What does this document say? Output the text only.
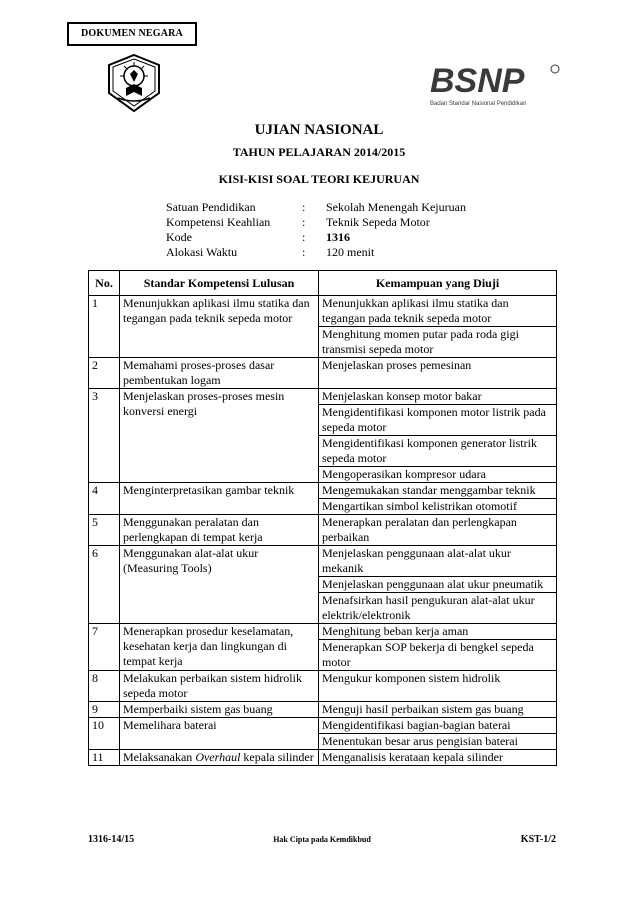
DOKUMEN NEGARA
BSNP
Badan Standar Nasional Pendidikan
UJIAN NASIONAL
TAHUN PELAJARAN 2014/2015
KISI-KISI SOAL TEORI KEJURUAN
Satuan Pendidikan	:	Sekolah Menengah Kejuruan
Kompetensi Keahlian	:	Teknik Sepeda Motor
Kode	:	1316
Alokasi Waktu	:	120 menit
No.	Standar Kompetensi Lulusan	Kemampuan yang Diuji
1	Menunjukkan aplikasi ilmu statika dan tegangan pada teknik sepeda motor	Menunjukkan aplikasi ilmu statika dan tegangan pada teknik sepeda motor
		Menghitung momen putar pada roda gigi transmisi sepeda motor
2	Memahami proses-proses dasar pembentukan logam	Menjelaskan proses pemesinan
3	Menjelaskan proses-proses mesin konversi energi	Menjelaskan konsep motor bakar
		Mengidentifikasi komponen motor listrik pada sepeda motor
		Mengidentifikasi komponen generator listrik sepeda motor
		Mengoperasikan kompresor udara
4	Menginterpretasikan gambar teknik	Mengemukakan standar menggambar teknik
		Mengartikan simbol kelistrikan otomotif
5	Menggunakan peralatan dan perlengkapan di tempat kerja	Menerapkan peralatan dan perlengkapan perbaikan
6	Menggunakan alat-alat ukur (Measuring Tools)	Menjelaskan penggunaan alat-alat ukur mekanik
		Menjelaskan penggunaan alat ukur pneumatik
		Menafsirkan hasil pengukuran alat-alat ukur elektrik/elektronik
7	Menerapkan prosedur keselamatan, kesehatan kerja dan lingkungan di tempat kerja	Menghitung beban kerja aman
		Menerapkan SOP bekerja di bengkel sepeda motor
8	Melakukan perbaikan sistem hidrolik sepeda motor	Mengukur komponen sistem hidrolik
9	Memperbaiki sistem gas buang	Menguji hasil perbaikan sistem gas buang
10	Memelihara baterai	Mengidentifikasi bagian-bagian baterai
		Menentukan besar arus pengisian baterai
11	Melaksanakan Overhaul kepala silinder	Menganalisis kerataan kepala silinder
1316-14/15	Hak Cipta pada Kemdikbud	KST-1/2
